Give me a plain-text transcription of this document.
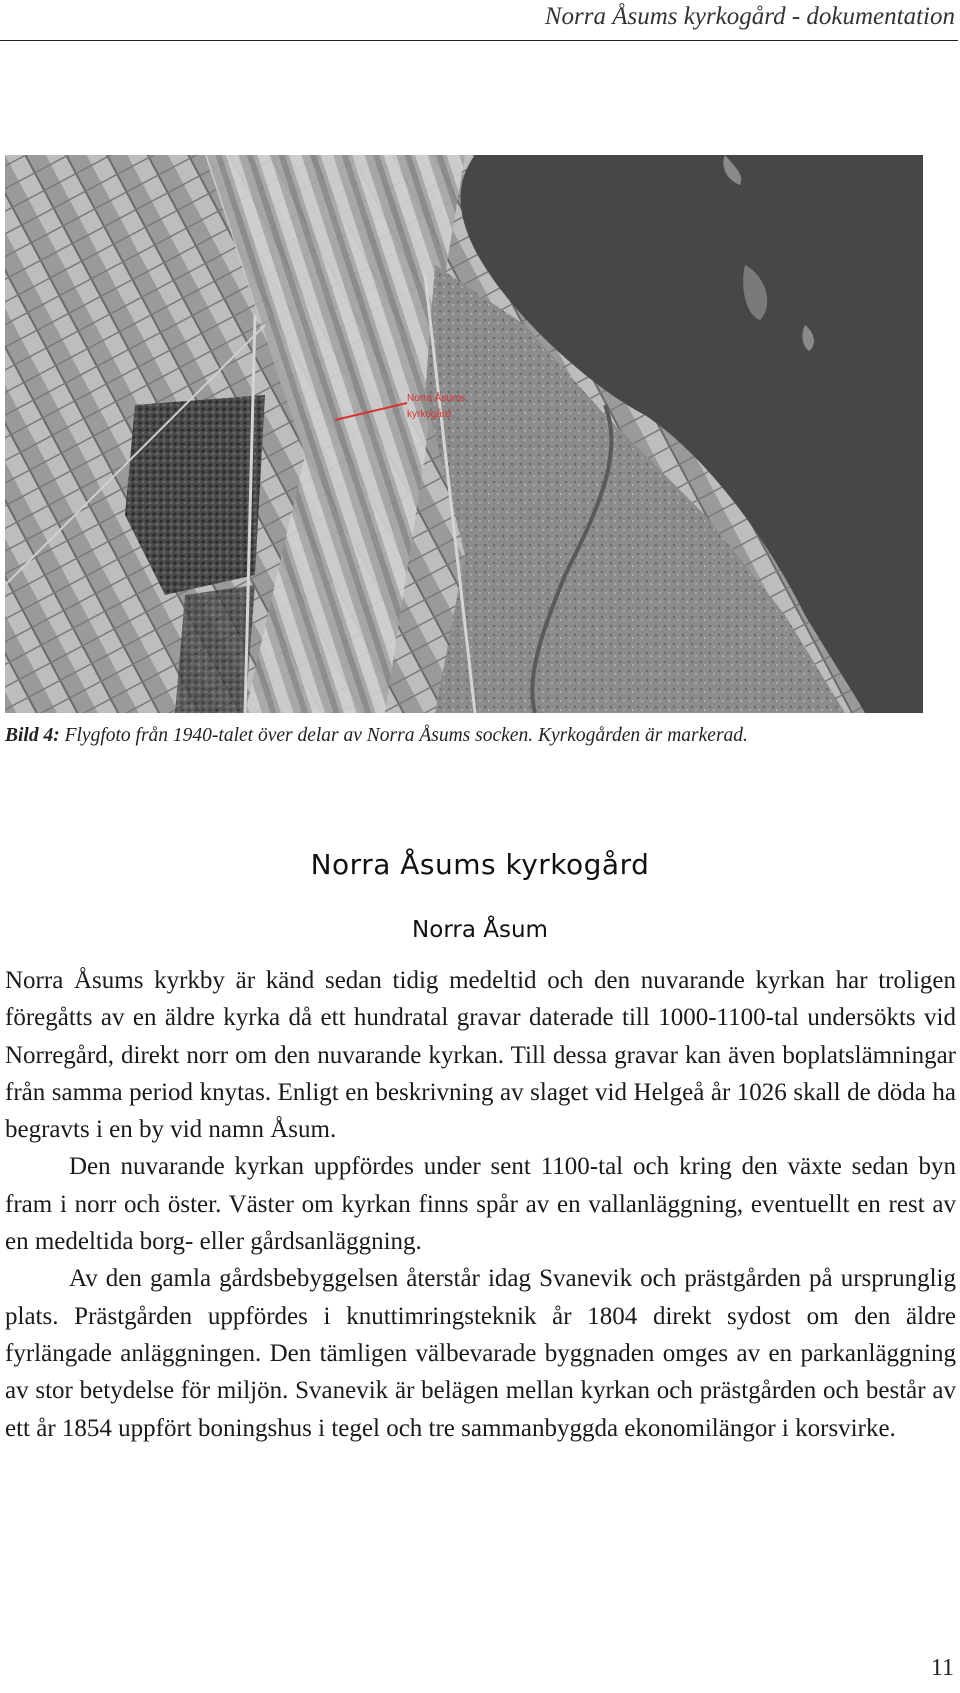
Norra Åsums kyrkogård - dokumentation
Norra Åsums
kyrkogård
Bild 4: Flygfoto från 1940-talet över delar av Norra Åsums socken. Kyrkogården är markerad.
Norra Åsums kyrkogård
Norra Åsum

Norra Åsums kyrkby är känd sedan tidig medeltid och den nuvarande kyrkan har troligen föregåtts av en äldre kyrka då ett hundratal gravar daterade till 1000-1100-tal undersökts vid Norregård, direkt norr om den nuvarande kyrkan. Till dessa gravar kan även boplatslämningar från samma period knytas. Enligt en beskrivning av slaget vid Helgeå år 1026 skall de döda ha begravts i en by vid namn Åsum.

Den nuvarande kyrkan uppfördes under sent 1100-tal och kring den växte sedan byn fram i norr och öster. Väster om kyrkan finns spår av en vallanläggning, eventuellt en rest av en medeltida borg- eller gårdsanläggning.

Av den gamla gårdsbebyggelsen återstår idag Svanevik och prästgården på ursprunglig plats. Prästgården uppfördes i knuttimringsteknik år 1804 direkt sydost om den äldre fyrlängade anläggningen. Den tämligen välbevarade byggnaden omges av en parkanläggning av stor betydelse för miljön. Svanevik är belägen mellan kyrkan och prästgården och består av ett år 1854 uppfört boningshus i tegel och tre sammanbyggda ekonomilängor i korsvirke.

11
